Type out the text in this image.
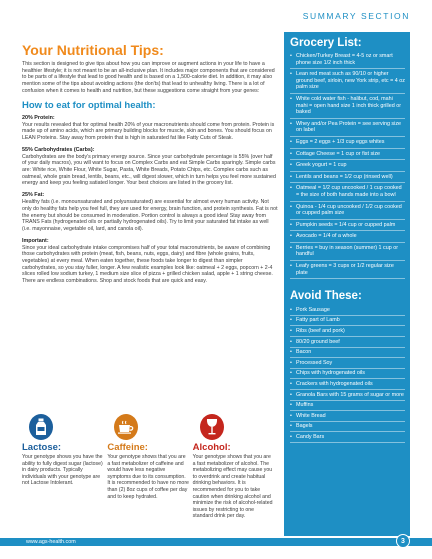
SUMMARY SECTION
Your Nutritional Tips:

This section is designed to give tips about how you can improve or augment actions in your life to have a healthier lifestyle; it is not meant to be an all-inclusive plan. It includes major components that are considered to be parts of a lifestyle that lead to good health and is based on a 1,500-calorie diet. In addition, it may also mention some of the tips about avoiding actions (the don'ts) that lead to unhealthy living. There is a lot of confusion when it comes to health and nutrition, but these suggestions come straight from your genes:

How to eat for optimal health:
20% Protein:

Your results revealed that for optimal health 20% of your macronutrients should come from protein. Protein is made up of amino acids, which are primary building blocks for muscle, skin and bones. You should focus on LEAN Proteins. Stay away from protein that is high in saturated fat like Fatty Cuts of Steak.

55% Carbohydrates (Carbs):

Carbohydrates are the body's primary energy source. Since your carbohydrate percentage is 55% (over half of your daily macros), you will want to focus on Complex Carbs and eat Simple Carbs sparingly. Simple carbs are: White rice, White Flour, White Sugar, Pasta, White Breads, Potato Chips, etc. Complex carbs such as oatmeal, whole grain bread, lentils, beans, etc., will digest slower, which in turn helps you feel more sustained energy and keep you feeling satiated longer. Your best choices are listed in the grocery list.

25% Fat:

Healthy fats (i.e. monounsaturated and polyunsaturated) are essential for almost every human activity. Not only do healthy fats help you feel full, they are used for energy, brain function, and protein synthesis. Fat is not the enemy but should be consumed in moderation. Portion control is always a good idea! Stay away from TRANS Fats (hydrogenated oils or partially hydrogenated oils). Try to limit your saturated fat intake as well (i.e. mayonnaise, vegetable oil, lard, and canola oil).

Important:

Since your ideal carbohydrate intake compromises half of your total macronutrients, be aware of combining those carbohydrates with protein (meat, fish, beans, nuts, eggs, dairy) and fibre (whole grains, fruits, vegetables) at every meal. When eaten together, these foods take longer to digest than simpler carbohydrates, so you stay fuller, longer. A few realistic examples look like: oatmeal + 2 eggs, popcorn + 2-4 slices rolled low sodium turkey, 1 medium size slice of pizza + grilled chicken salad, apple + 1 string cheese. There are endless combinations. Shop and stock foods that are quick and easy.

Lactose:
Your genotype shows you have the ability to fully digest sugar (lactose) in dairy products. Typically individuals with your genotype are not Lactose Intolerant.
Caffeine:
Your genotype shows that you are a fast metabolizer of caffeine and would have less negative symptoms due to its consumption. It is recommended to have no more than (2) 8oz cups of coffee per day and to keep hydrated.
Alcohol:
Your genotype shows that you are a fast metabolizer of alcohol. The metabolizing effect may cause you to overdrink and create habitual drinking behaviors. It is recommended for you to take caution when drinking alcohol and minimize the risk of alcohol-related issues by restricting to one standard drink per day.
Grocery List:
• Chicken/Turkey Breast = 4-5 oz or smart phone size 1/2 inch thick
• Lean red meat such as 90/10 or higher ground beef, sirloin, new York strip, etc = 4 oz palm size
• White cold water fish - halibut, cod, mahi mahi = open hand size 1 inch thick grilled or baked
• Whey and/or Pea Protein = see serving size on label
• Eggs = 2 eggs + 1/3 cup eggs whites
• Cottage Cheese = 1 cup or fist size
• Greek yogurt = 1 cup
• Lentils and beans = 1/2 cup (rinsed well)
• Oatmeal = 1/2 cup uncooked / 1 cup cooked = the size of both hands made into a bowl
• Quinoa - 1/4 cup uncooked / 1/2 cup cooked or cupped palm size
• Pumpkin seeds = 1/4 cup or cupped palm
• Avocado = 1/4 of a whole
• Berries = buy in season (summer) 1 cup or handful
• Leafy greens = 3 cups or 1/2 regular size plate
Avoid These:
• Pork Sausage
• Fatty part of Lamb
• Ribs (beef and pork)
• 80/20 ground beef
• Bacon
• Processed Soy
• Chips with hydrogenated oils
• Crackers with hydrogenated oils
• Granola Bars with 15 grams of sugar or more
• Muffins
• White Bread
• Bagels
• Candy Bars
www.ags-health.com	3
